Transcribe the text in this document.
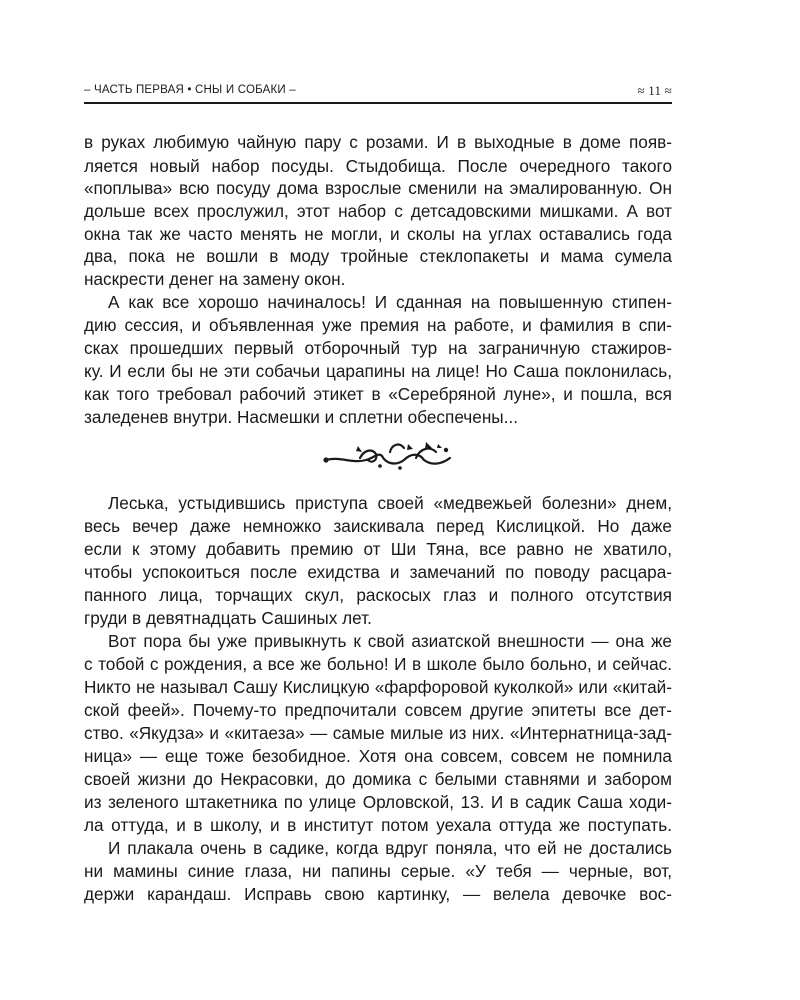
– ЧАСТЬ ПЕРВАЯ • СНЫ И СОБАКИ –	≈ 11 ≈
в руках любимую чайную пару с розами. И в выходные в доме появ-
ляется новый набор посуды. Стыдобища. После очередного такого
«поплыва» всю посуду дома взрослые сменили на эмалированную. Он
дольше всех прослужил, этот набор с детсадовскими мишками. А вот
окна так же часто менять не могли, и сколы на углах оставались года
два, пока не вошли в моду тройные стеклопакеты и мама сумела
наскрести денег на замену окон.
А как все хорошо начиналось! И сданная на повышенную стипен-
дию сессия, и объявленная уже премия на работе, и фамилия в спи-
сках прошедших первый отборочный тур на заграничную стажиров-
ку. И если бы не эти собачьи царапины на лице! Но Саша поклонилась,
как того требовал рабочий этикет в «Серебряной луне», и пошла, вся
заледенев внутри. Насмешки и сплетни обеспечены...
Леська, устыдившись приступа своей «медвежьей болезни» днем,
весь вечер даже немножко заискивала перед Кислицкой. Но даже
если к этому добавить премию от Ши Тяна, все равно не хватило,
чтобы успокоиться после ехидства и замечаний по поводу расцара-
панного лица, торчащих скул, раскосых глаз и полного отсутствия
груди в девятнадцать Сашиных лет.
Вот пора бы уже привыкнуть к свой азиатской внешности — она же
с тобой с рождения, а все же больно! И в школе было больно, и сейчас.
Никто не называл Сашу Кислицкую «фарфоровой куколкой» или «китай-
ской феей». Почему-то предпочитали совсем другие эпитеты все дет-
ство. «Якудза» и «китаеза» — самые милые из них. «Интернатница-зад-
ница» — еще тоже безобидное. Хотя она совсем, совсем не помнила
своей жизни до Некрасовки, до домика с белыми ставнями и забором
из зеленого штакетника по улице Орловской, 13. И в садик Саша ходи-
ла оттуда, и в школу, и в институт потом уехала оттуда же поступать.
И плакала очень в садике, когда вдруг поняла, что ей не достались
ни мамины синие глаза, ни папины серые. «У тебя — черные, вот,
держи карандаш. Исправь свою картинку, — велела девочке вос-
